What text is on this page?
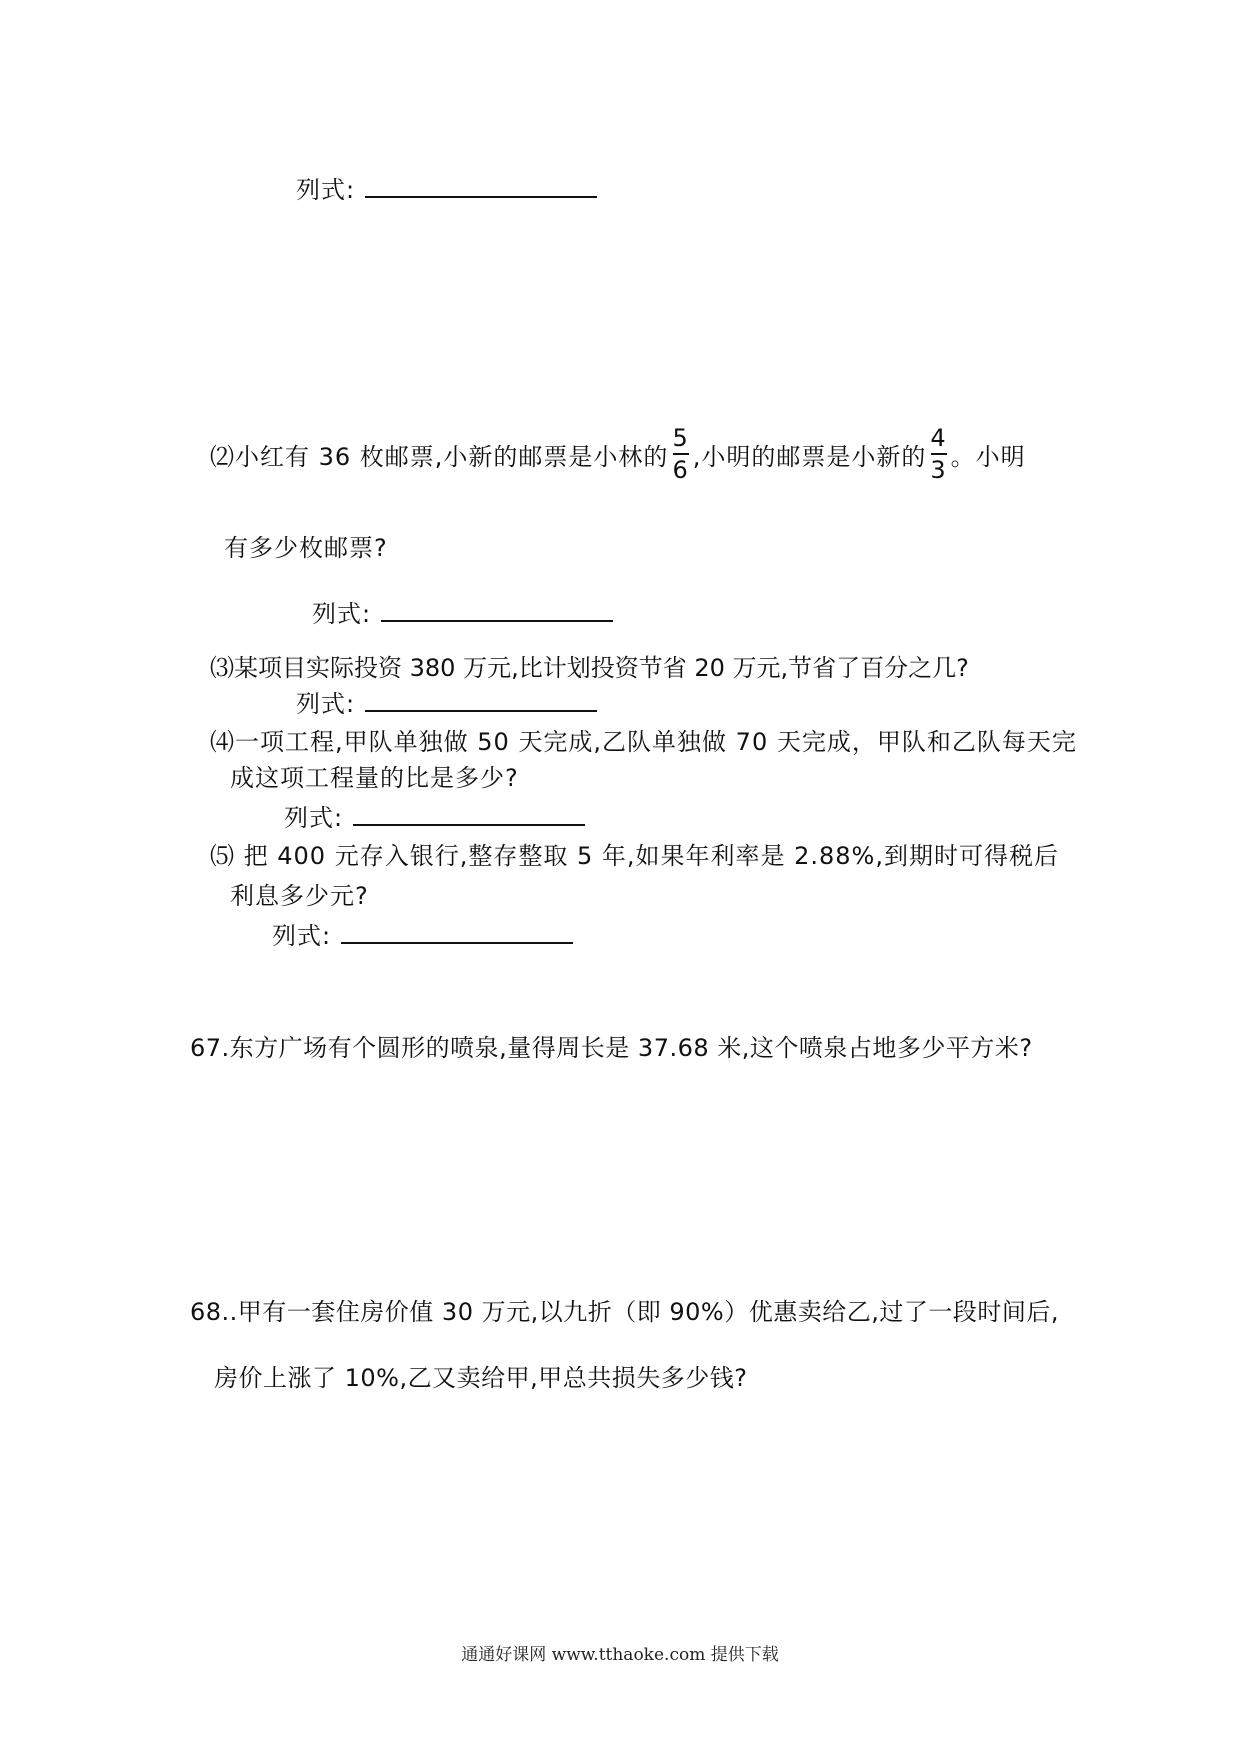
列式:
⑵小红有 36 枚邮票,小新的邮票是小林的 $\frac{5}{6}$ ,小明的邮票是小新的 $\frac{4}{3}$ 。小明
有多少枚邮票?
列式:
⑶某项目实际投资 380 万元,比计划投资节省 20 万元,节省了百分之几?
列式:
⑷一项工程,甲队单独做 50 天完成,乙队单独做 70 天完成，甲队和乙队每天完
成这项工程量的比是多少?
列式:
⑸ 把 400 元存入银行,整存整取 5 年,如果年利率是 2.88%,到期时可得税后
利息多少元?
列式:
67.东方广场有个圆形的喷泉,量得周长是 37.68 米,这个喷泉占地多少平方米?
68..甲有一套住房价值 30 万元,以九折（即 90%）优惠卖给乙,过了一段时间后,
房价上涨了 10%,乙又卖给甲,甲总共损失多少钱?
通通好课网 www.tthaoke.com 提供下载
